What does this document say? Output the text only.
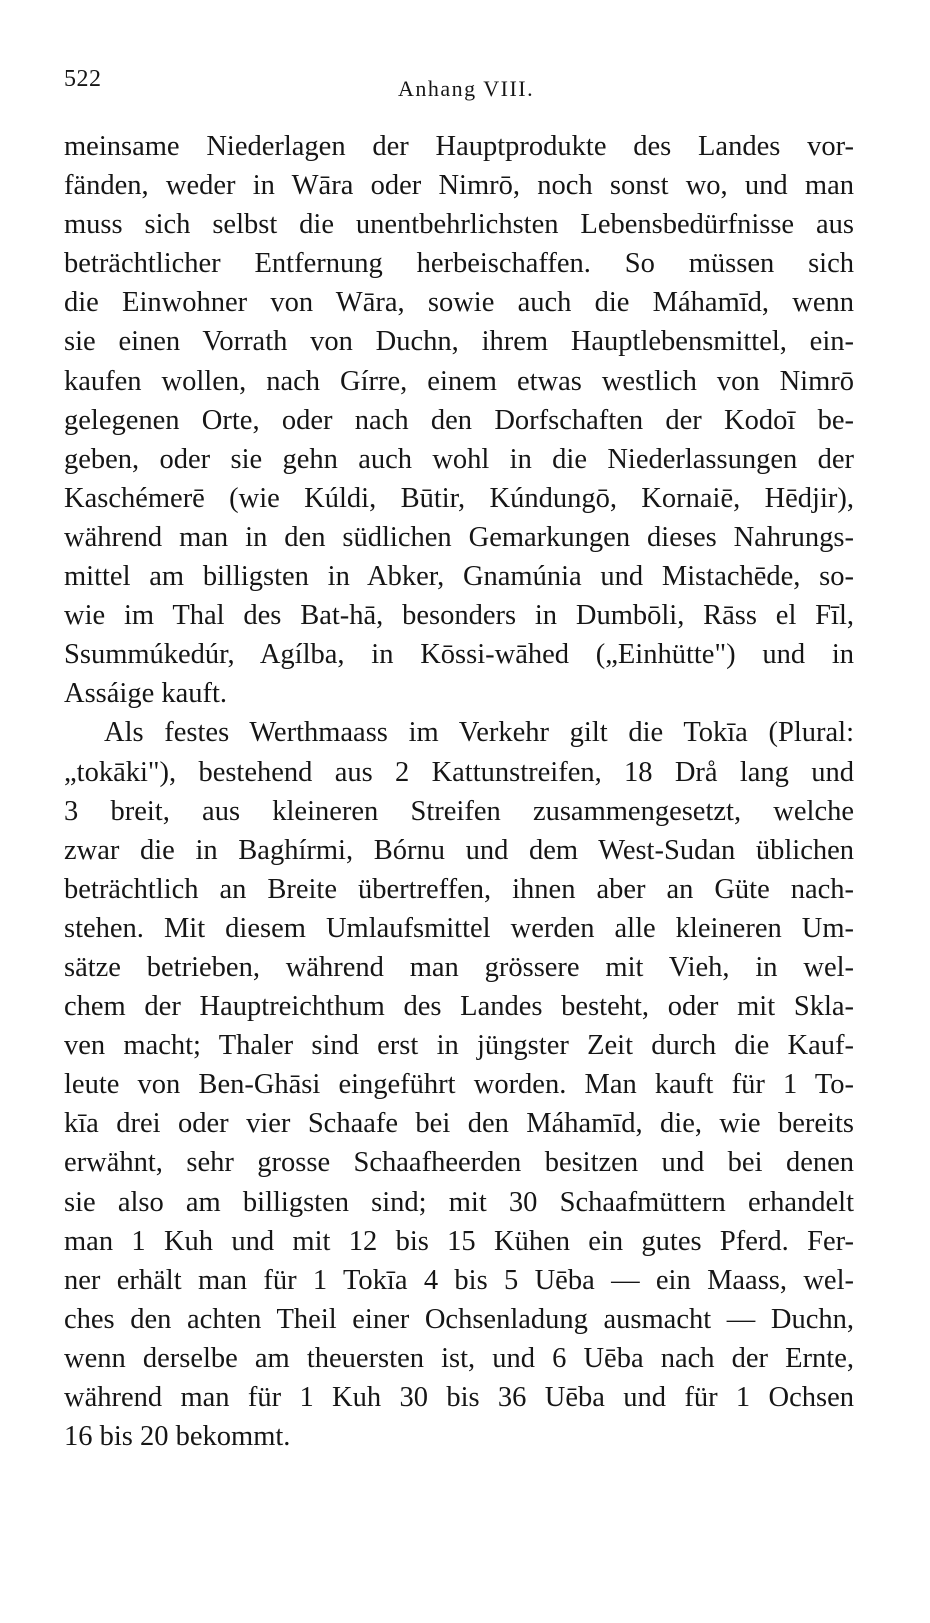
522	Anhang VIII.
meinsame Niederlagen der Hauptprodukte des Landes vor-
fänden, weder in Wāra oder Nimrō, noch sonst wo, und man
muss sich selbst die unentbehrlichsten Lebensbedürfnisse aus
beträchtlicher Entfernung herbeischaffen. So müssen sich
die Einwohner von Wāra, sowie auch die Máhamīd, wenn
sie einen Vorrath von Duchn, ihrem Hauptlebensmittel, ein-
kaufen wollen, nach Gírre, einem etwas westlich von Nimrō
gelegenen Orte, oder nach den Dorfschaften der Kodoī be-
geben, oder sie gehn auch wohl in die Niederlassungen der
Kaschémerē (wie Kúldi, Būtir, Kúndungō, Kornaiē, Hēdjir),
während man in den südlichen Gemarkungen dieses Nahrungs-
mittel am billigsten in Abker, Gnamúnia und Mistachēde, so-
wie im Thal des Bat-hā, besonders in Dumbōli, Rāss el Fīl,
Ssummúkedúr, Agílba, in Kōssi-wāhed („Einhütte") und in
Assáige kauft.
Als festes Werthmaass im Verkehr gilt die Tokīa (Plural:
„tokāki"), bestehend aus 2 Kattunstreifen, 18 Drå lang und
3 breit, aus kleineren Streifen zusammengesetzt, welche
zwar die in Baghírmi, Bórnu und dem West-Sudan üblichen
beträchtlich an Breite übertreffen, ihnen aber an Güte nach-
stehen. Mit diesem Umlaufsmittel werden alle kleineren Um-
sätze betrieben, während man grössere mit Vieh, in wel-
chem der Hauptreichthum des Landes besteht, oder mit Skla-
ven macht; Thaler sind erst in jüngster Zeit durch die Kauf-
leute von Ben-Ghāsi eingeführt worden. Man kauft für 1 To-
kīa drei oder vier Schaafe bei den Máhamīd, die, wie bereits
erwähnt, sehr grosse Schaafheerden besitzen und bei denen
sie also am billigsten sind; mit 30 Schaafmüttern erhandelt
man 1 Kuh und mit 12 bis 15 Kühen ein gutes Pferd. Fer-
ner erhält man für 1 Tokīa 4 bis 5 Uēba — ein Maass, wel-
ches den achten Theil einer Ochsenladung ausmacht — Duchn,
wenn derselbe am theuersten ist, und 6 Uēba nach der Ernte,
während man für 1 Kuh 30 bis 36 Uēba und für 1 Ochsen
16 bis 20 bekommt.
